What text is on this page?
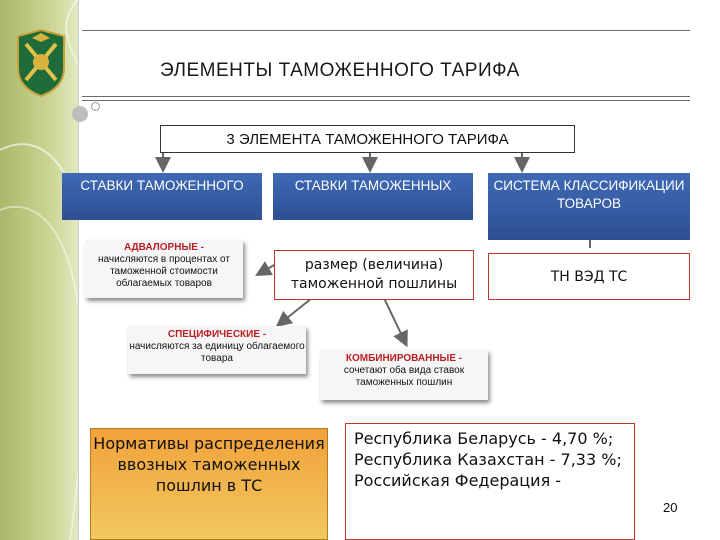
ЭЛЕМЕНТЫ ТАМОЖЕННОГО ТАРИФА
3 ЭЛЕМЕНТА ТАМОЖЕННОГО ТАРИФА
СТАВКИ ТАМОЖЕННОГО	СТАВКИ ТАМОЖЕННЫХ	СИСТЕМА КЛАССИФИКАЦИИ ТОВАРОВ
АДВАЛОРНЫЕ -
начисляются в процентах от таможенной стоимости облагаемых товаров
размер (величина) таможенной пошлины	ТН ВЭД ТС
СПЕЦИФИЧЕСКИЕ -
начисляются за единицу облагаемого товара	КОМБИНИРОВАННЫЕ -
сочетают оба вида ставок таможенных пошлин
Нормативы распределения ввозных таможенных пошлин в ТС
Республика Беларусь - 4,70 %; Республика Казахстан - 7,33 %; Российская Федерация -
20
